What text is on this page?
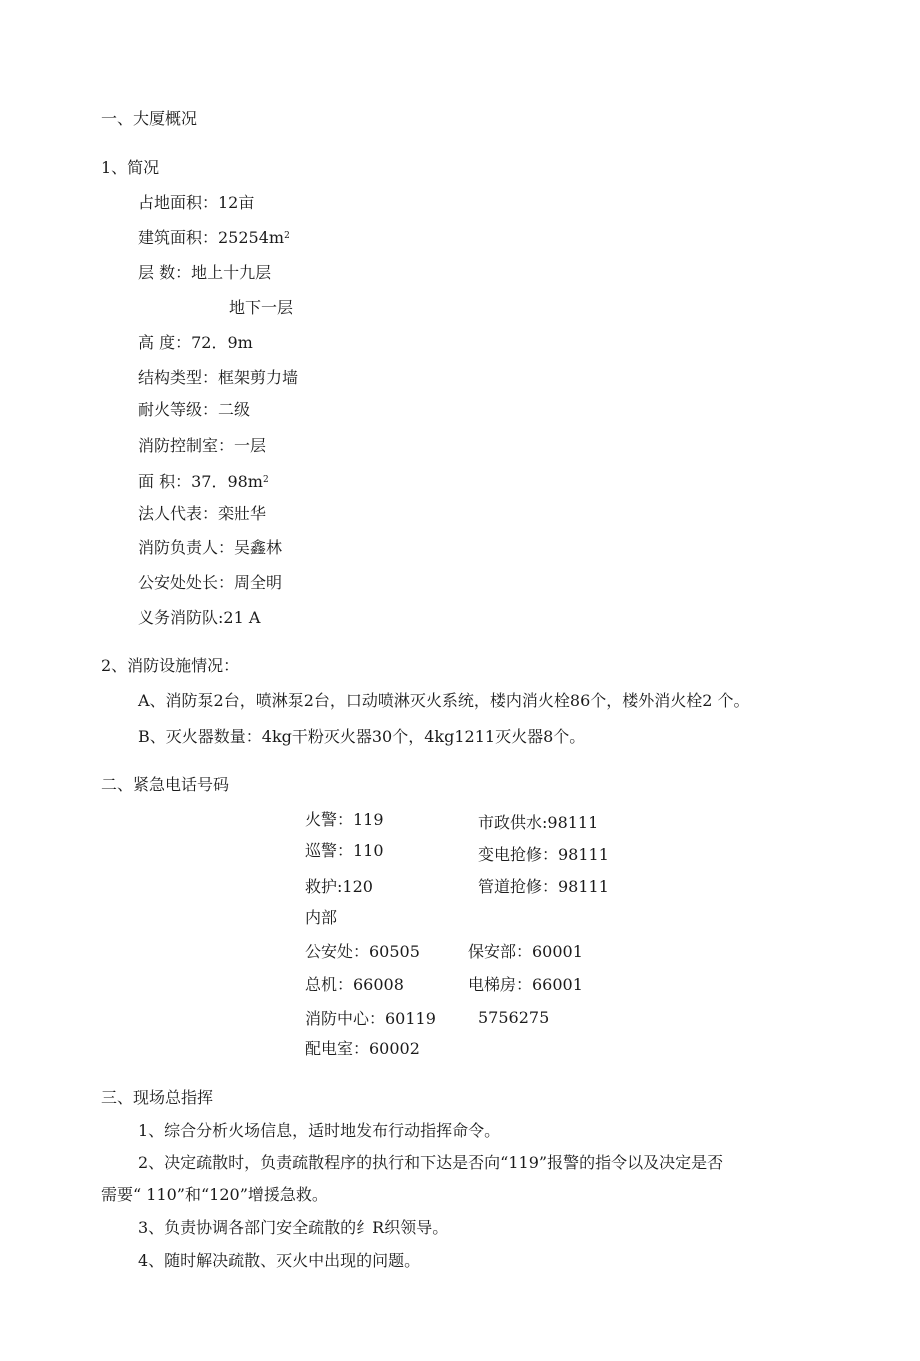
一、大厦概况
1、简况
占地面积：12亩
建筑面积：$25254m^2$
层 数：地上十九层
地下一层
高 度：72．9m
结构类型：框架剪力墙
耐火等级：二级
消防控制室：一层
面 积：37．$98m^2$
法人代表：栾壯华
消防负责人：吴鑫林
公安处处长：周全明
义务消防队:21 A
2、消防设施情况：
A、消防泵2台，喷淋泵2台，口动喷淋灭火系统，楼内消火栓86个，楼外消火栓2 个。
B、灭火器数量：4kg干粉灭火器30个，4kg1211灭火器8个。
二、紧急电话号码
火警：119	市政供水:98111
巡警：110	变电抢修：98111
救护:120	管道抢修：98111
内部
公安处：60505	保安部：60001
总机：66008	电梯房：66001
消防中心：60119	5756275
配电室：60002
三、现场总指挥
1、综合分析火场信息，适时地发布行动指挥命令。
2、决定疏散时，负责疏散程序的执行和下达是否向“119”报警的指令以及决定是否
需要“ 110”和“120”增援急救。
3、负责协调各部门安全疏散的纟R织领导。
4、随时解决疏散、灭火中出现的问题。
